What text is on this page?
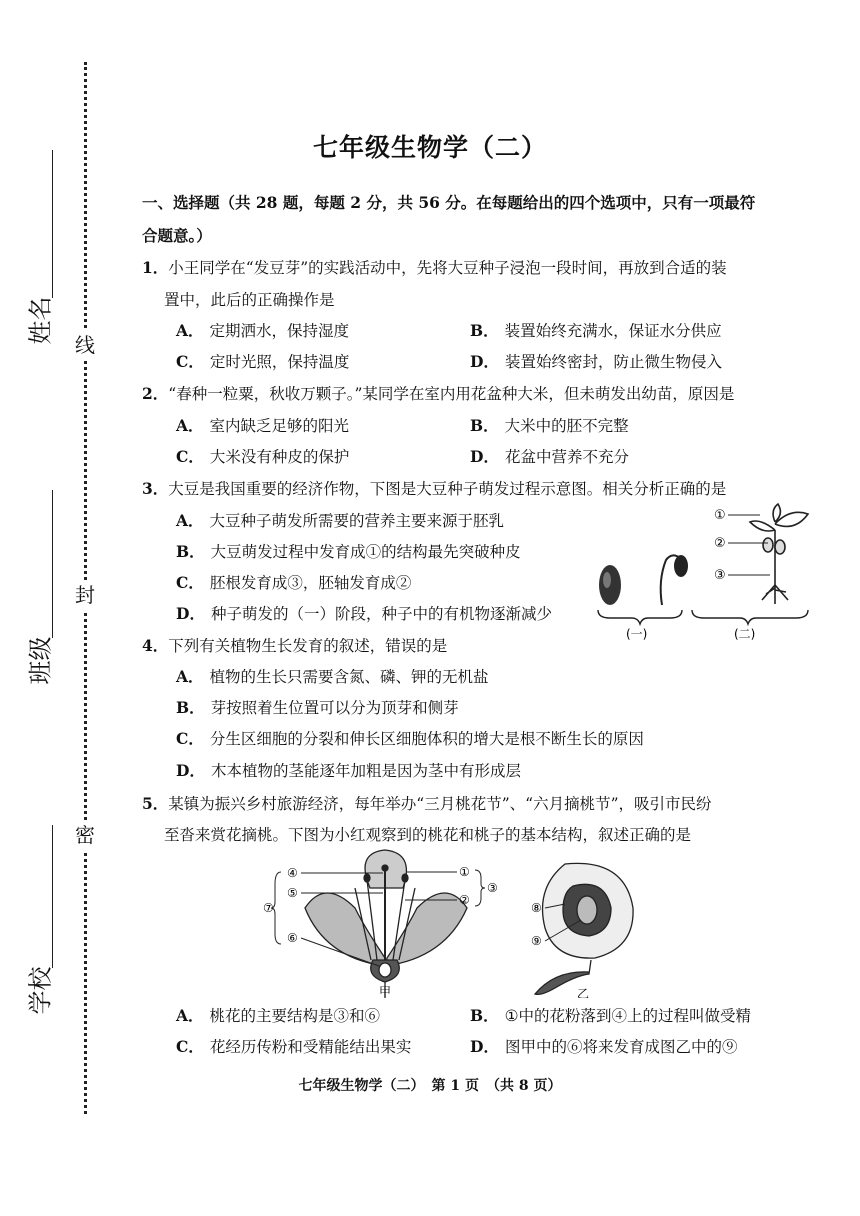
线
封
密
姓名
班级
学校
七年级生物学（二）
一、选择题（共 28 题，每题 2 分，共 56 分。在每题给出的四个选项中，只有一项最符
合题意。）
1．小王同学在“发豆芽”的实践活动中，先将大豆种子浸泡一段时间，再放到合适的装
置中，此后的正确操作是
A． 定期洒水，保持湿度	B． 装置始终充满水，保证水分供应
C． 定时光照，保持温度	D． 装置始终密封，防止微生物侵入
2．“春种一粒粟，秋收万颗子。”某同学在室内用花盆种大米，但未萌发出幼苗，原因是
A． 室内缺乏足够的阳光	B． 大米中的胚不完整
C． 大米没有种皮的保护	D． 花盆中营养不充分
3．大豆是我国重要的经济作物，下图是大豆种子萌发过程示意图。相关分析正确的是
A． 大豆种子萌发所需要的营养主要来源于胚乳
B． 大豆萌发过程中发育成①的结构最先突破种皮
C． 胚根发育成③，胚轴发育成②
D． 种子萌发的（一）阶段，种子中的有机物逐渐减少
①
②
③
(一)	(二)
4．下列有关植物生长发育的叙述，错误的是
A． 植物的生长只需要含氮、磷、钾的无机盐
B． 芽按照着生位置可以分为顶芽和侧芽
C． 分生区细胞的分裂和伸长区细胞体积的增大是根不断生长的原因
D． 木本植物的茎能逐年加粗是因为茎中有形成层
5．某镇为振兴乡村旅游经济，每年举办“三月桃花节”、“六月摘桃节”，吸引市民纷
至沓来赏花摘桃。下图为小红观察到的桃花和桃子的基本结构，叙述正确的是
④
⑤
⑦
⑥
①
②
③
⑧
⑨
甲	乙
A． 桃花的主要结构是③和⑥	B． ①中的花粉落到④上的过程叫做受精
C． 花经历传粉和受精能结出果实	D． 图甲中的⑥将来发育成图乙中的⑨
七年级生物学（二）　第 1 页　（共 8 页）
